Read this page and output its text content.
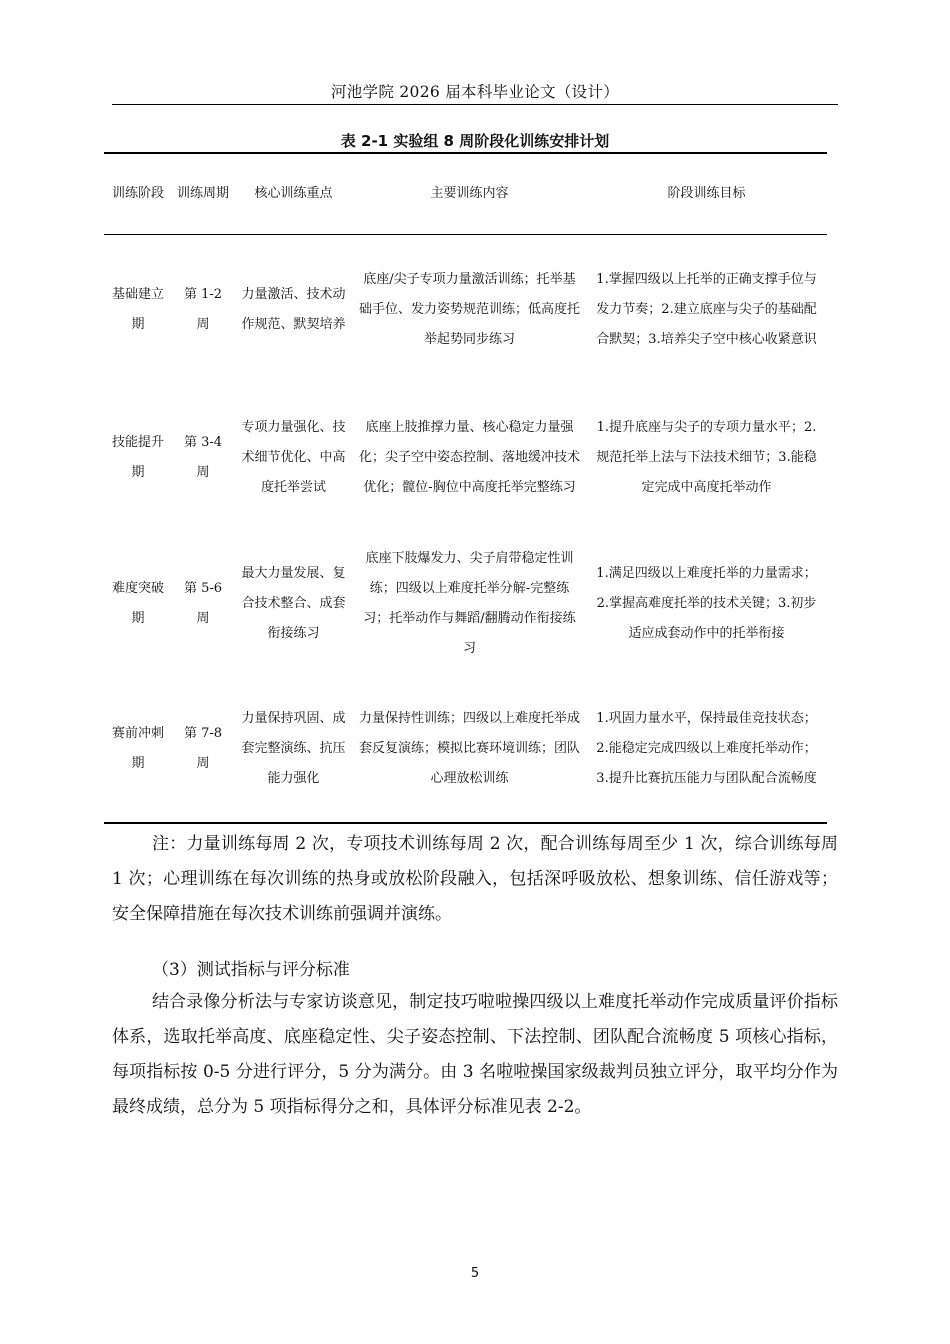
河池学院 2026 届本科毕业论文（设计）
表 2-1 实验组 8 周阶段化训练安排计划
训练阶段	训练周期	核心训练重点	主要训练内容	阶段训练目标
基础建立期	第 1-2 周	力量激活、技术动作规范、默契培养	底座/尖子专项力量激活训练；托举基础手位、发力姿势规范训练；低高度托举起势同步练习	1.掌握四级以上托举的正确支撑手位与发力节奏；2.建立底座与尖子的基础配合默契；3.培养尖子空中核心收紧意识
技能提升期	第 3-4 周	专项力量强化、技术细节优化、中高度托举尝试	底座上肢推撑力量、核心稳定力量强化；尖子空中姿态控制、落地缓冲技术优化；髋位-胸位中高度托举完整练习	1.提升底座与尖子的专项力量水平；2.规范托举上法与下法技术细节；3.能稳定完成中高度托举动作
难度突破期	第 5-6 周	最大力量发展、复合技术整合、成套衔接练习	底座下肢爆发力、尖子肩带稳定性训练；四级以上难度托举分解-完整练习；托举动作与舞蹈/翻腾动作衔接练习	1.满足四级以上难度托举的力量需求；2.掌握高难度托举的技术关键；3.初步适应成套动作中的托举衔接
赛前冲刺期	第 7-8 周	力量保持巩固、成套完整演练、抗压能力强化	力量保持性训练；四级以上难度托举成套反复演练；模拟比赛环境训练；团队心理放松训练	1.巩固力量水平，保持最佳竞技状态；2.能稳定完成四级以上难度托举动作；3.提升比赛抗压能力与团队配合流畅度
注：力量训练每周 2 次，专项技术训练每周 2 次，配合训练每周至少 1 次，综合训练每周 1 次；心理训练在每次训练的热身或放松阶段融入，包括深呼吸放松、想象训练、信任游戏等；安全保障措施在每次技术训练前强调并演练。
（3）测试指标与评分标准
结合录像分析法与专家访谈意见，制定技巧啦啦操四级以上难度托举动作完成质量评价指标体系，选取托举高度、底座稳定性、尖子姿态控制、下法控制、团队配合流畅度 5 项核心指标，每项指标按 0-5 分进行评分，5 分为满分。由 3 名啦啦操国家级裁判员独立评分，取平均分作为最终成绩，总分为 5 项指标得分之和，具体评分标准见表 2-2。
5
